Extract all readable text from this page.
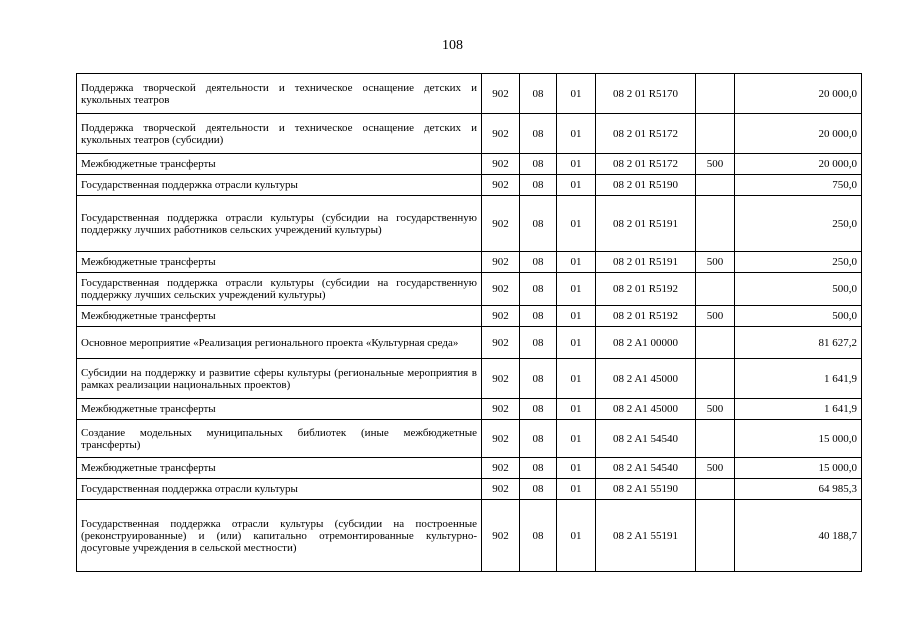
108
Поддержка творческой деятельности и техническое оснащение детских и кукольных театров	902	08	01	08 2 01 R5170		20 000,0
Поддержка творческой деятельности и техническое оснащение детских и кукольных театров (субсидии)	902	08	01	08 2 01 R5172		20 000,0
Межбюджетные трансферты	902	08	01	08 2 01 R5172	500	20 000,0
Государственная поддержка отрасли культуры	902	08	01	08 2 01 R5190		750,0
Государственная поддержка отрасли культуры (субсидии на государственную поддержку лучших работников сельских учреждений культуры)	902	08	01	08 2 01 R5191		250,0
Межбюджетные трансферты	902	08	01	08 2 01 R5191	500	250,0
Государственная поддержка отрасли культуры (субсидии на государственную поддержку лучших сельских учреждений культуры)	902	08	01	08 2 01 R5192		500,0
Межбюджетные трансферты	902	08	01	08 2 01 R5192	500	500,0
Основное мероприятие «Реализация регионального проекта «Культурная среда»	902	08	01	08 2 A1 00000		81 627,2
Субсидии на поддержку и развитие сферы культуры (региональные мероприятия в рамках реализации национальных проектов)	902	08	01	08 2 A1 45000		1 641,9
Межбюджетные трансферты	902	08	01	08 2 A1 45000	500	1 641,9
Создание модельных муниципальных библиотек (иные межбюджетные трансферты)	902	08	01	08 2 A1 54540		15 000,0
Межбюджетные трансферты	902	08	01	08 2 A1 54540	500	15 000,0
Государственная поддержка отрасли культуры	902	08	01	08 2 A1 55190		64 985,3
Государственная поддержка отрасли культуры (субсидии на построенные (реконструированные) и (или) капитально отремонтированные культурно-досуговые учреждения в сельской местности)	902	08	01	08 2 A1 55191		40 188,7
